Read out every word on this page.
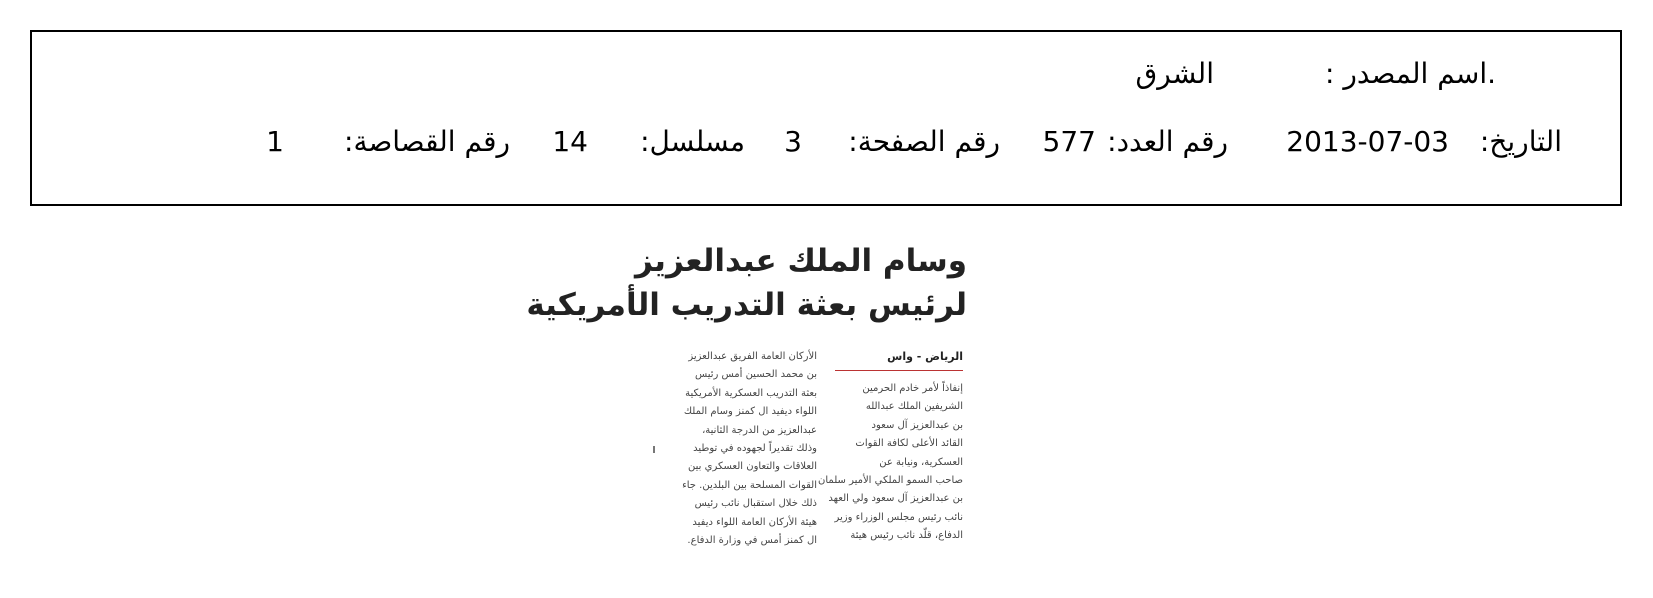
.اسم المصدر :
الشرق
التاريخ:
2013-07-03
رقم العدد:
577
رقم الصفحة:
3
مسلسل:
14
رقم القصاصة:
1
وسام الملك عبدالعزيز
لرئيس بعثة التدريب الأمريكية
الرياض - واس
إنفاذاً لأمر خادم الحرمين
الشريفين الملك عبدالله
بن عبدالعزيز آل سعود
القائد الأعلى لكافة القوات
العسكرية، ونيابة عن
صاحب السمو الملكي الأمير سلمان
بن عبدالعزيز آل سعود ولي العهد
نائب رئيس مجلس الوزراء وزير
الدفاع، قلّد نائب رئيس هيئة
الأركان العامة الفريق عبدالعزيز
بن محمد الحسين أمس رئيس
بعثة التدريب العسكرية الأمريكية
اللواء ديفيد ال كمنز وسام الملك
عبدالعزيز من الدرجة الثانية،
وذلك تقديراً لجهوده في توطيد
العلاقات والتعاون العسكري بين
القوات المسلحة بين البلدين. جاء
ذلك خلال استقبال نائب رئيس
هيئة الأركان العامة اللواء ديفيد
ال كمنز أمس في وزارة الدفاع.
